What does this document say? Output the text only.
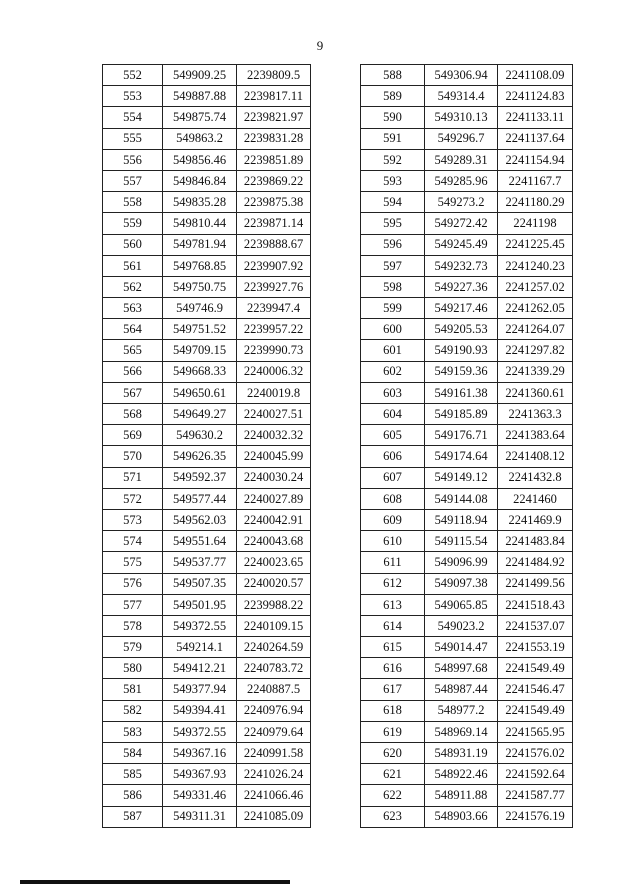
9
552	549909.25	2239809.5
553	549887.88	2239817.11
554	549875.74	2239821.97
555	549863.2	2239831.28
556	549856.46	2239851.89
557	549846.84	2239869.22
558	549835.28	2239875.38
559	549810.44	2239871.14
560	549781.94	2239888.67
561	549768.85	2239907.92
562	549750.75	2239927.76
563	549746.9	2239947.4
564	549751.52	2239957.22
565	549709.15	2239990.73
566	549668.33	2240006.32
567	549650.61	2240019.8
568	549649.27	2240027.51
569	549630.2	2240032.32
570	549626.35	2240045.99
571	549592.37	2240030.24
572	549577.44	2240027.89
573	549562.03	2240042.91
574	549551.64	2240043.68
575	549537.77	2240023.65
576	549507.35	2240020.57
577	549501.95	2239988.22
578	549372.55	2240109.15
579	549214.1	2240264.59
580	549412.21	2240783.72
581	549377.94	2240887.5
582	549394.41	2240976.94
583	549372.55	2240979.64
584	549367.16	2240991.58
585	549367.93	2241026.24
586	549331.46	2241066.46
587	549311.31	2241085.09
588	549306.94	2241108.09
589	549314.4	2241124.83
590	549310.13	2241133.11
591	549296.7	2241137.64
592	549289.31	2241154.94
593	549285.96	2241167.7
594	549273.2	2241180.29
595	549272.42	2241198
596	549245.49	2241225.45
597	549232.73	2241240.23
598	549227.36	2241257.02
599	549217.46	2241262.05
600	549205.53	2241264.07
601	549190.93	2241297.82
602	549159.36	2241339.29
603	549161.38	2241360.61
604	549185.89	2241363.3
605	549176.71	2241383.64
606	549174.64	2241408.12
607	549149.12	2241432.8
608	549144.08	2241460
609	549118.94	2241469.9
610	549115.54	2241483.84
611	549096.99	2241484.92
612	549097.38	2241499.56
613	549065.85	2241518.43
614	549023.2	2241537.07
615	549014.47	2241553.19
616	548997.68	2241549.49
617	548987.44	2241546.47
618	548977.2	2241549.49
619	548969.14	2241565.95
620	548931.19	2241576.02
621	548922.46	2241592.64
622	548911.88	2241587.77
623	548903.66	2241576.19
